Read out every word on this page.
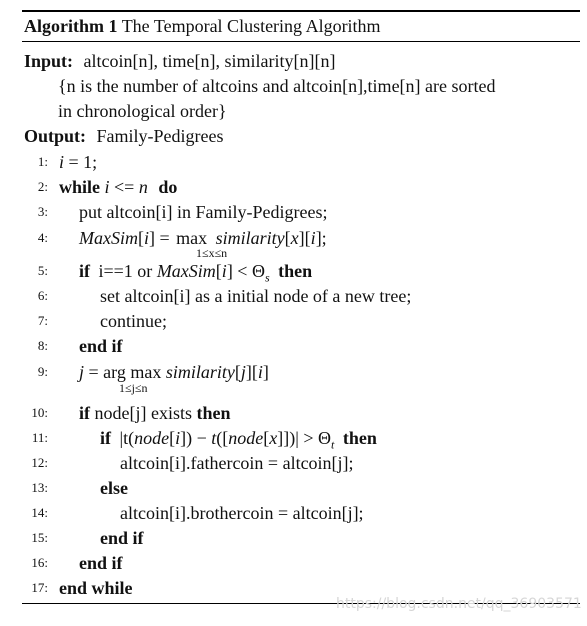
Algorithm 1 The Temporal Clustering Algorithm
Input: altcoin[n], time[n], similarity[n][n]
{n is the number of altcoins and altcoin[n],time[n] are sorted
in chronological order}
Output: Family-Pedigrees
1 : i = 1;
2 : while i <= n do
3 : put altcoin[i] in Family-Pedigrees;
4 : MaxSim[i] = max similarity[x][i];
1≤x≤n
5 : if i==1 or MaxSim[i] < $\Theta_s$ then
6 :	set altcoin[i] as a initial node of a new tree;
7 :	continue;
8 : end if
9 : j = arg max similarity[j][i]
1≤j≤n
10 : if node[j] exists then
11 :	if |t(node[i]) − t([node[x]])| > $\Theta_t$ then
12 :	altcoin[i].fathercoin = altcoin[j];
13 :	else
14 :	altcoin[i].brothercoin = altcoin[j];
15 :	end if
16 : end if
17 : end while
https://blog.csdn.net/qq_36903571
